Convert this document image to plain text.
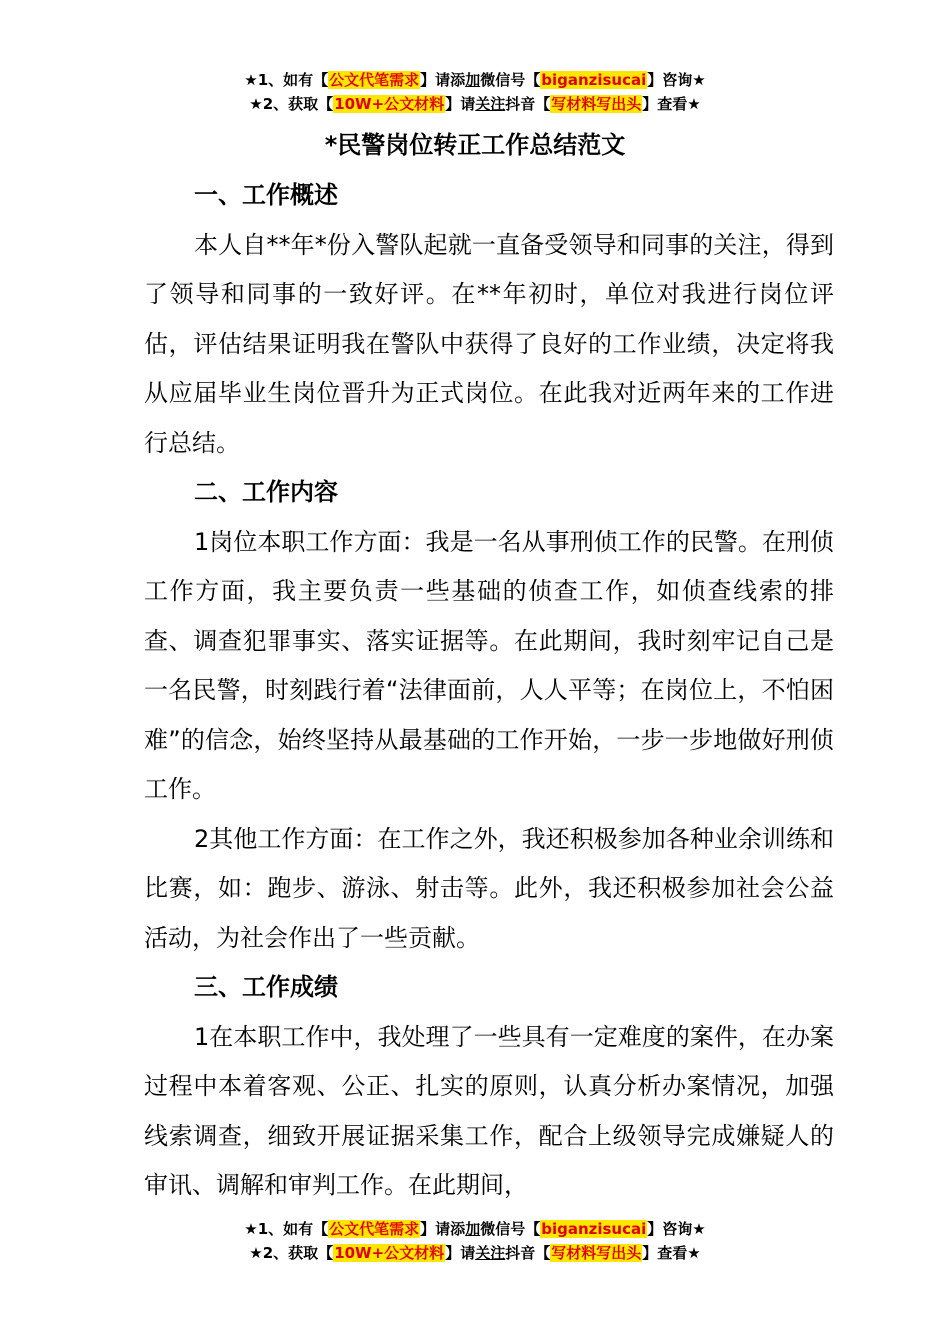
★1、如有【公文代笔需求】请添加微信号【biganzisucai】咨询★
★2、获取【10W+公文材料】请关注抖音【写材料写出头】查看★
*民警岗位转正工作总结范文
一、工作概述

本人自**年*份入警队起就一直备受领导和同事的关注，得到了领导和同事的一致好评。在**年初时，单位对我进行岗位评估，评估结果证明我在警队中获得了良好的工作业绩，决定将我从应届毕业生岗位晋升为正式岗位。在此我对近两年来的工作进行总结。

二、工作内容

1岗位本职工作方面：我是一名从事刑侦工作的民警。在刑侦工作方面，我主要负责一些基础的侦查工作，如侦查线索的排查、调查犯罪事实、落实证据等。在此期间，我时刻牢记自己是一名民警，时刻践行着“法律面前，人人平等；在岗位上，不怕困难”的信念，始终坚持从最基础的工作开始，一步一步地做好刑侦工作。

2其他工作方面：在工作之外，我还积极参加各种业余训练和比赛，如：跑步、游泳、射击等。此外，我还积极参加社会公益活动，为社会作出了一些贡献。

三、工作成绩

1在本职工作中，我处理了一些具有一定难度的案件，在办案过程中本着客观、公正、扎实的原则，认真分析办案情况，加强线索调查，细致开展证据采集工作，配合上级领导完成嫌疑人的审讯、调解和审判工作。在此期间，

★1、如有【公文代笔需求】请添加微信号【biganzisucai】咨询★
★2、获取【10W+公文材料】请关注抖音【写材料写出头】查看★
